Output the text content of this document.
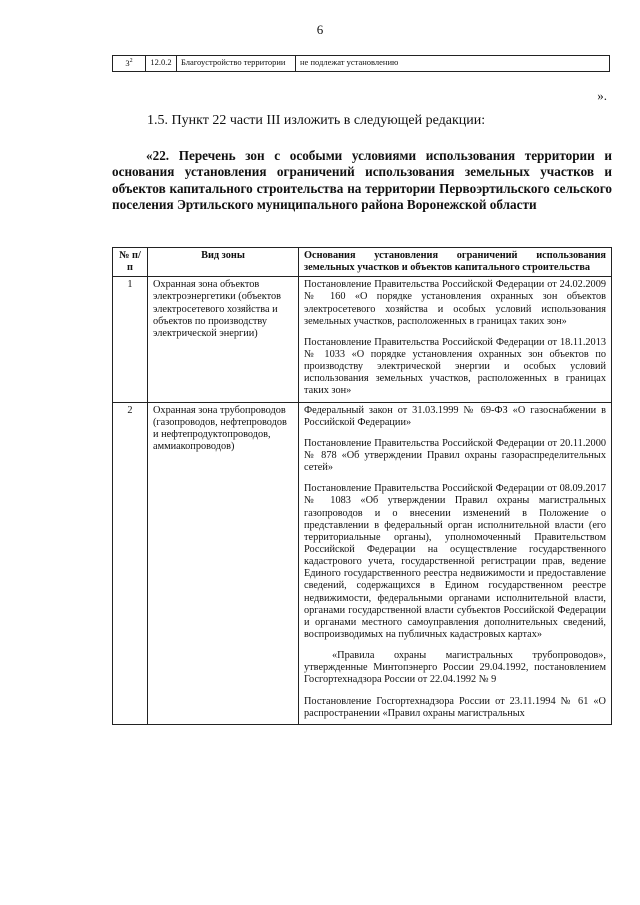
6
$3^2$	12.0.2	Благоустройство территории	не подлежат установлению
».
1.5. Пункт 22 части III изложить в следующей редакции:
«22. Перечень зон с особыми условиями использования территории и основания установления ограничений использования земельных участков и объектов капитального строительства на территории Первоэртильского сельского поселения Эртильского муниципального района Воронежской области
№ п/п	Вид зоны	Основания установления ограничений использования земельных участков и объектов капитального строительства
1	Охранная зона объектов электроэнергетики (объектов электросетевого хозяйства и объектов по производству электрической энергии)	Постановление Правительства Российской Федерации от 24.02.2009 № 160 «О порядке установления охранных зон объектов электросетевого хозяйства и особых условий использования земельных участков, расположенных в границах таких зон»

Постановление Правительства Российской Федерации от 18.11.2013 № 1033 «О порядке установления охранных зон объектов по производству электрической энергии и особых условий использования земельных участков, расположенных в границах таких зон»

2	Охранная зона трубопроводов (газопроводов, нефтепроводов и нефтепродуктопроводов, аммиакопроводов)	Федеральный закон от 31.03.1999 № 69-ФЗ «О газоснабжении в Российской Федерации»

Постановление Правительства Российской Федерации от 20.11.2000 № 878 «Об утверждении Правил охраны газораспределительных сетей»

Постановление Правительства Российской Федерации от 08.09.2017 № 1083 «Об утверждении Правил охраны магистральных газопроводов и о внесении изменений в Положение о представлении в федеральный орган исполнительной власти (его территориальные органы), уполномоченный Правительством Российской Федерации на осуществление государственного кадастрового учета, государственной регистрации прав, ведение Единого государственного реестра недвижимости и предоставление сведений, содержащихся в Едином государственном реестре недвижимости, федеральными органами исполнительной власти, органами государственной власти субъектов Российской Федерации и органами местного самоуправления дополнительных сведений, воспроизводимых на публичных кадастровых картах»

«Правила охраны магистральных трубопроводов», утвержденные Минтопэнерго России 29.04.1992, постановлением Госгортехнадзора России от 22.04.1992 № 9

Постановление Госгортехнадзора России от 23.11.1994 № 61 «О распространении «Правил охраны магистральных
